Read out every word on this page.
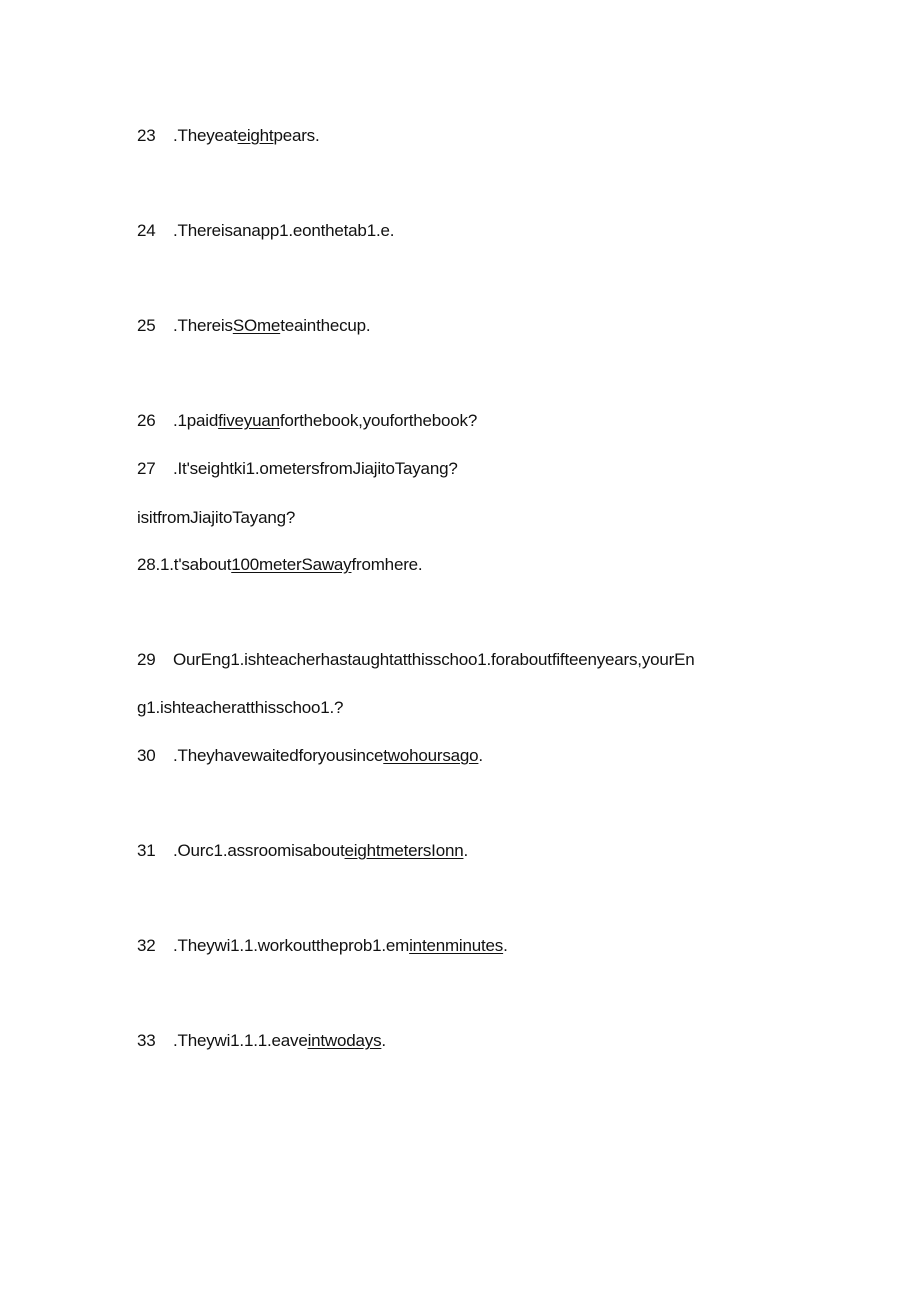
23 .Theyeateightpears.
24 .Thereisanapp1.eonthetab1.e.
25 .ThereisSOmeteainthecup.
26 .1paidfiveyuanforthebook,youforthebook?
27 .It'seightki1.ometersfromJiajitoTayang?
isitfromJiajitoTayang?
28.1.t'sabout100meterSawayfromhere.
29 OurEng1.ishteacherhastaughtatthisschoo1.foraboutfifteenyears,yourEn
g1.ishteacheratthisschoo1.?
30 .Theyhavewaitedforyousincetwohoursago.
31 .Ourc1.assroomisabouteightmetersIonn.
32 .Theywi1.1.workouttheprob1.emintenminutes.
33 .Theywi1.1.1.eaveintwodays.
